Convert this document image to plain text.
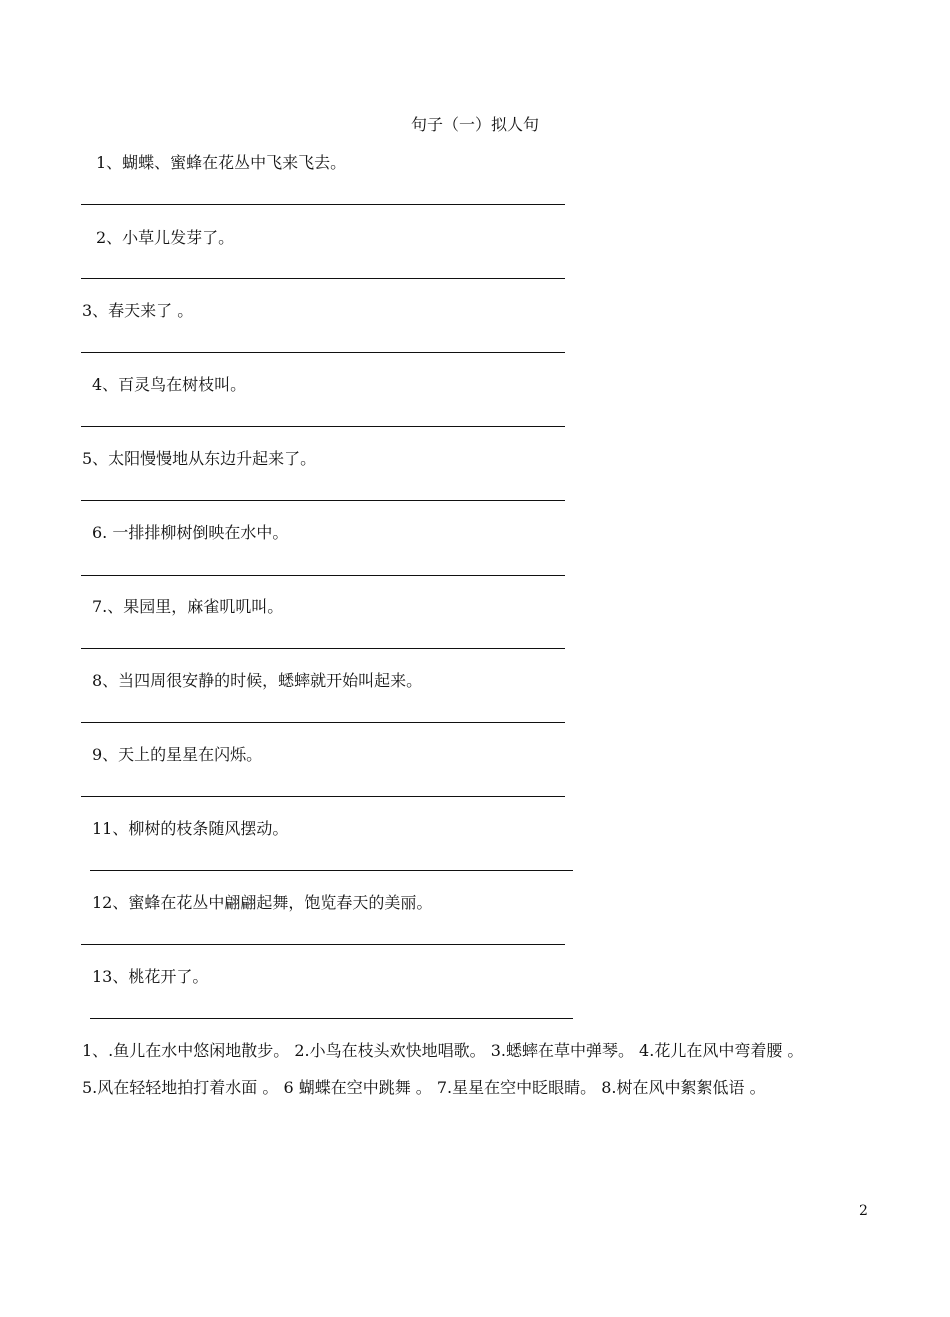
句子（一）拟人句
1、蝴蝶、蜜蜂在花丛中飞来飞去。
2、小草儿发芽了。
3、春天来了 。
4、百灵鸟在树枝叫。
5、太阳慢慢地从东边升起来了。
6. 一排排柳树倒映在水中。
7.、果园里，麻雀叽叽叫。
8、当四周很安静的时候，蟋蟀就开始叫起来。
9、天上的星星在闪烁。
11、柳树的枝条随风摆动。
12、蜜蜂在花丛中翩翩起舞，饱览春天的美丽。
13、桃花开了。
1、.鱼儿在水中悠闲地散步。 2.小鸟在枝头欢快地唱歌。 3.蟋蟀在草中弹琴。 4.花儿在风中弯着腰 。
5.风在轻轻地拍打着水面 。 6 蝴蝶在空中跳舞 。 7.星星在空中眨眼睛。 8.树在风中絮絮低语 。
2
